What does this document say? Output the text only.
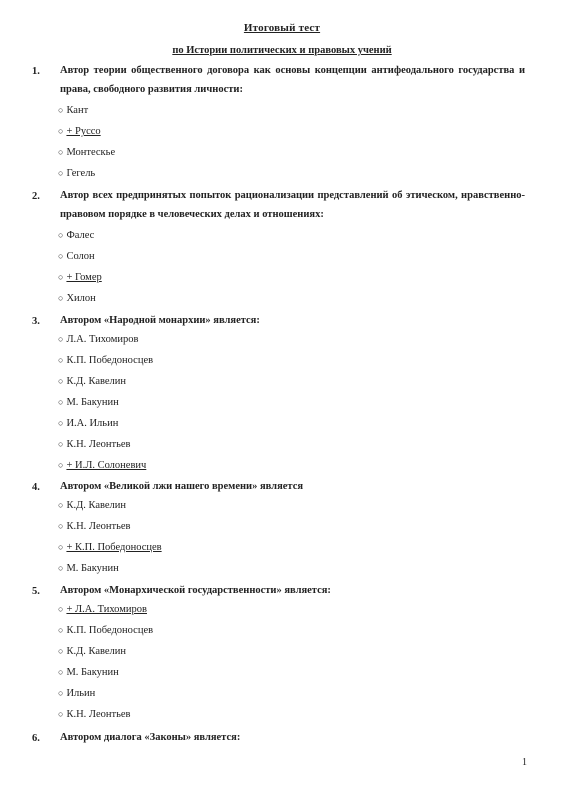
Итоговый тест
по Истории политических и правовых учений
1. Автор теории общественного договора как основы концепции антифеодального государства и права, свободного развития личности:
○ Кант
○ + Руссо
○ Монтескье
○ Гегель
2. Автор всех предпринятых попыток рационализации представлений об этическом, нравственно-правовом порядке в человеческих делах и отношениях:
○ Фалес
○ Солон
○ + Гомер
○ Хилон
3. Автором «Народной монархии» является:
○ Л.А. Тихомиров
○ К.П. Победоносцев
○ К.Д. Кавелин
○ М. Бакунин
○ И.А. Ильин
○ К.Н. Леонтьев
○ + И.Л. Солоневич
4. Автором «Великой лжи нашего времени» является
○ К.Д. Кавелин
○ К.Н. Леонтьев
○ + К.П. Победоносцев
○ М. Бакунин
5. Автором «Монархической государственности» является:
○ + Л.А. Тихомиров
○ К.П. Победоносцев
○ К.Д. Кавелин
○ М. Бакунин
○ Ильин
○ К.Н. Леонтьев
6. Автором диалога «Законы» является:
1
